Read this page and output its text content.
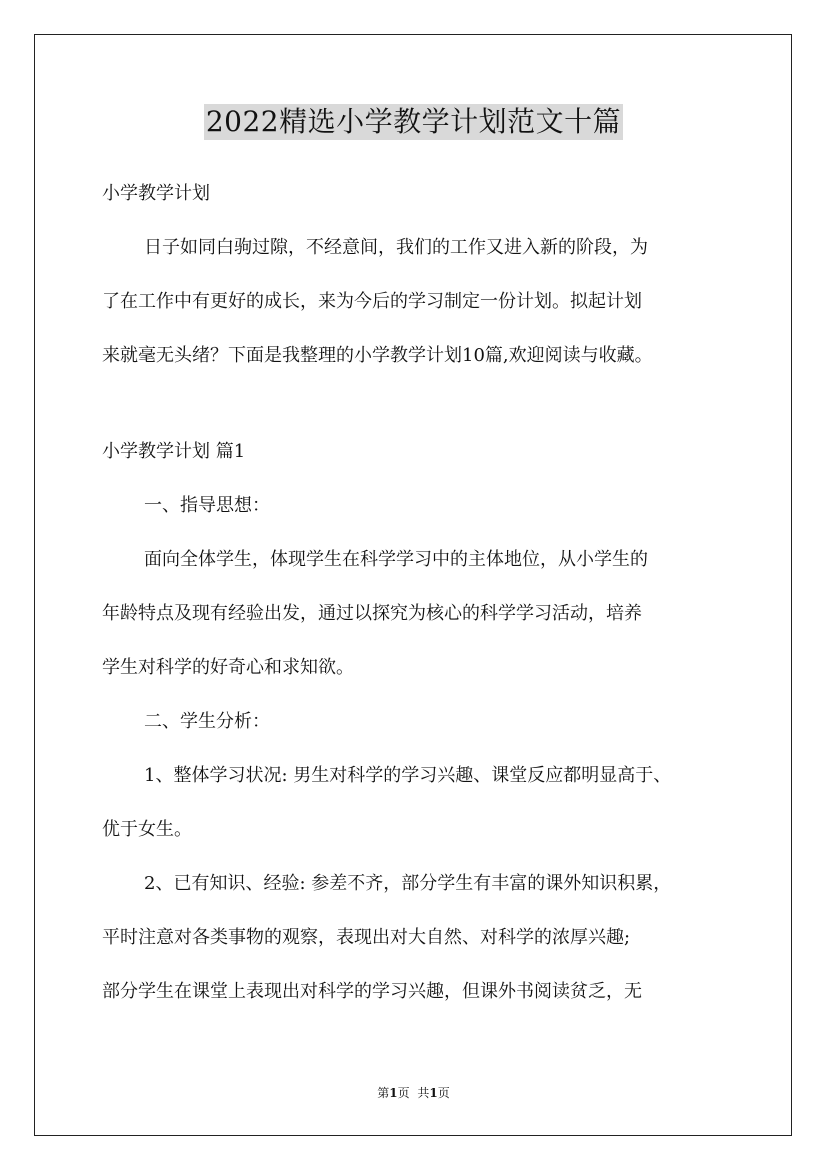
2022精选小学教学计划范文十篇
小学教学计划
日子如同白驹过隙，不经意间，我们的工作又进入新的阶段，为
了在工作中有更好的成长，来为今后的学习制定一份计划。拟起计划
来就毫无头绪？下面是我整理的小学教学计划10篇,欢迎阅读与收藏。
小学教学计划 篇1
一、指导思想：
面向全体学生，体现学生在科学学习中的主体地位，从小学生的
年龄特点及现有经验出发，通过以探究为核心的科学学习活动，培养
学生对科学的好奇心和求知欲。
二、学生分析：
1、整体学习状况: 男生对科学的学习兴趣、课堂反应都明显高于、
优于女生。
2、已有知识、经验: 参差不齐，部分学生有丰富的课外知识积累，
平时注意对各类事物的观察，表现出对大自然、对科学的浓厚兴趣;
部分学生在课堂上表现出对科学的学习兴趣，但课外书阅读贫乏，无
第1页 共1页
